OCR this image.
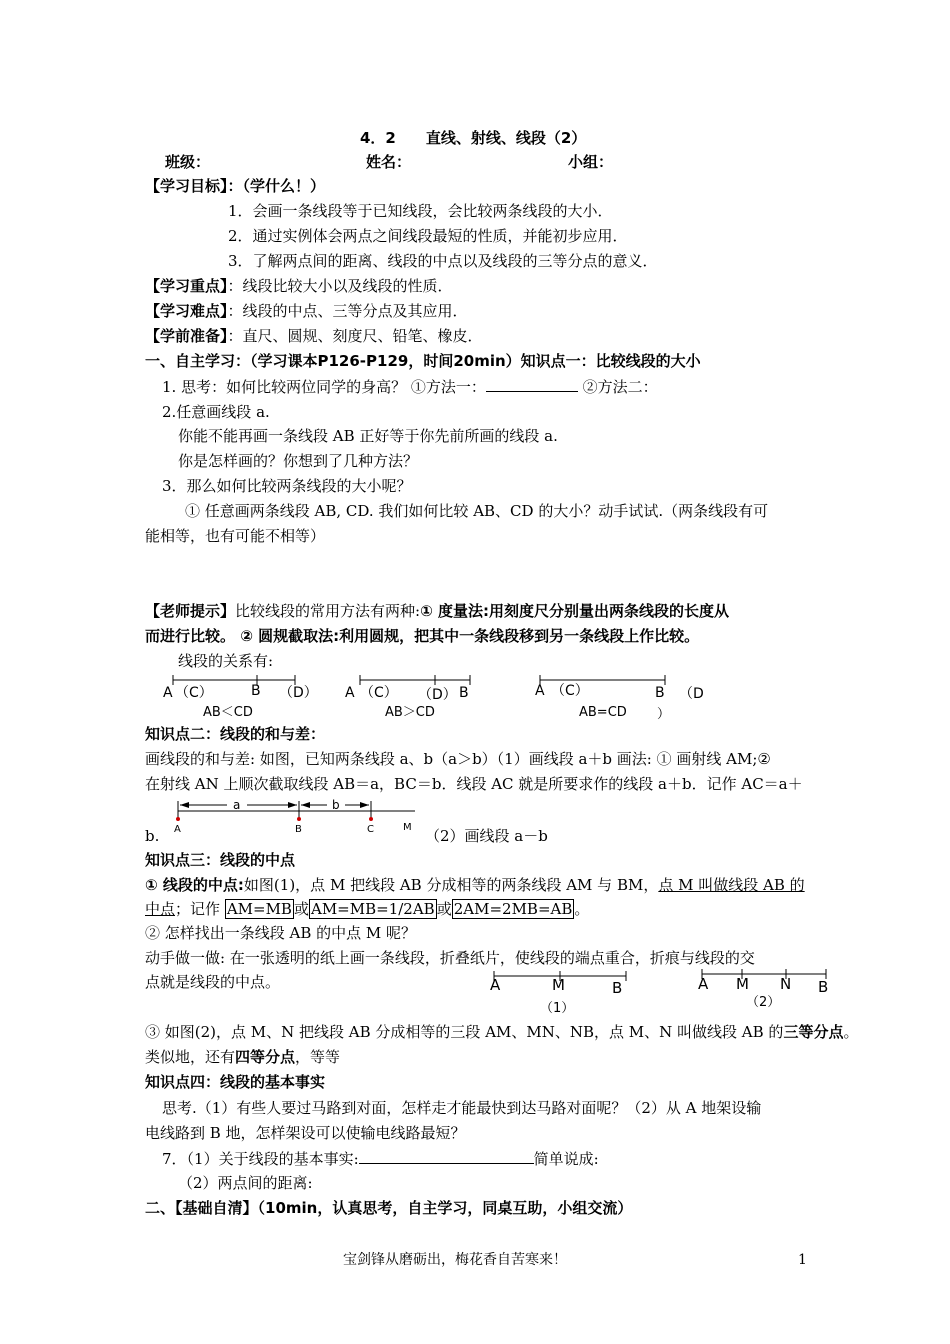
4．2　　直线、射线、线段（2）
班级：	姓名：	小组：
【学习目标】：（学什么！）
1．会画一条线段等于已知线段，会比较两条线段的大小．
2．通过实例体会两点之间线段最短的性质，并能初步应用．
3．了解两点间的距离、线段的中点以及线段的三等分点的意义．
【学习重点】：线段比较大小以及线段的性质．
【学习难点】：线段的中点、三等分点及其应用．
【学前准备】：直尺、圆规、刻度尺、铅笔、橡皮．
一、自主学习：（学习课本P126-P129，时间20min）知识点一：比较线段的大小
1. 思考：如何比较两位同学的身高？ ①方法一：	②方法二：
2.任意画线段 a.
你能不能再画一条线段 AB 正好等于你先前所画的线段 a.
你是怎样画的？你想到了几种方法？
3．那么如何比较两条线段的大小呢？
① 任意画两条线段 AB, CD. 我们如何比较 AB、CD 的大小？动手试试.（两条线段有可
能相等，也有可能不相等）
【老师提示】比较线段的常用方法有两种:① 度量法:用刻度尺分别量出两条线段的长度从
而进行比较。 ② 圆规截取法:利用圆规，把其中一条线段移到另一条线段上作比较。
线段的关系有:
A （C）	B （D）
AB＜CD
A （C） （D） B
AB＞CD
A （C）	B （D
）
AB=CD
知识点二：线段的和与差：
画线段的和与差: 如图，已知两条线段 a、b（a＞b）（1）画线段 a＋b 画法: ① 画射线 AM;②
在射线 AN 上顺次截取线段 AB＝a，BC＝b．线段 AC 就是所要求作的线段 a＋b．记作 AC＝a＋
a	b
A	B	C	M
b.	（2）画线段 a－b
知识点三：线段的中点
① 线段的中点:如图(1)，点 M 把线段 AB 分成相等的两条线段 AM 与 BM，点 M 叫做线段 AB 的
中点；记作 AM=MB 或 AM=MB=1/2AB 或 2AM=2MB=AB 。
② 怎样找出一条线段 AB 的中点 M 呢？
动手做一做: 在一张透明的纸上画一条线段，折叠纸片，使线段的端点重合，折痕与线段的交
点就是线段的中点。	A	M	B
（1）
A M N B
（2）
③ 如图(2)，点 M、N 把线段 AB 分成相等的三段 AM、MN、NB，点 M、N 叫做线段 AB 的三等分点。
类似地，还有四等分点，等等
知识点四：线段的基本事实
思考.（1）有些人要过马路到对面，怎样走才能最快到达马路对面呢？（2）从 A 地架设输
电线路到 B 地，怎样架设可以使输电线路最短？
7．（1）关于线段的基本事实:	简单说成:
（2）两点间的距离:
二、【基础自清】（10min，认真思考，自主学习，同桌互助，小组交流）
宝剑锋从磨砺出，梅花香自苦寒来！	1
